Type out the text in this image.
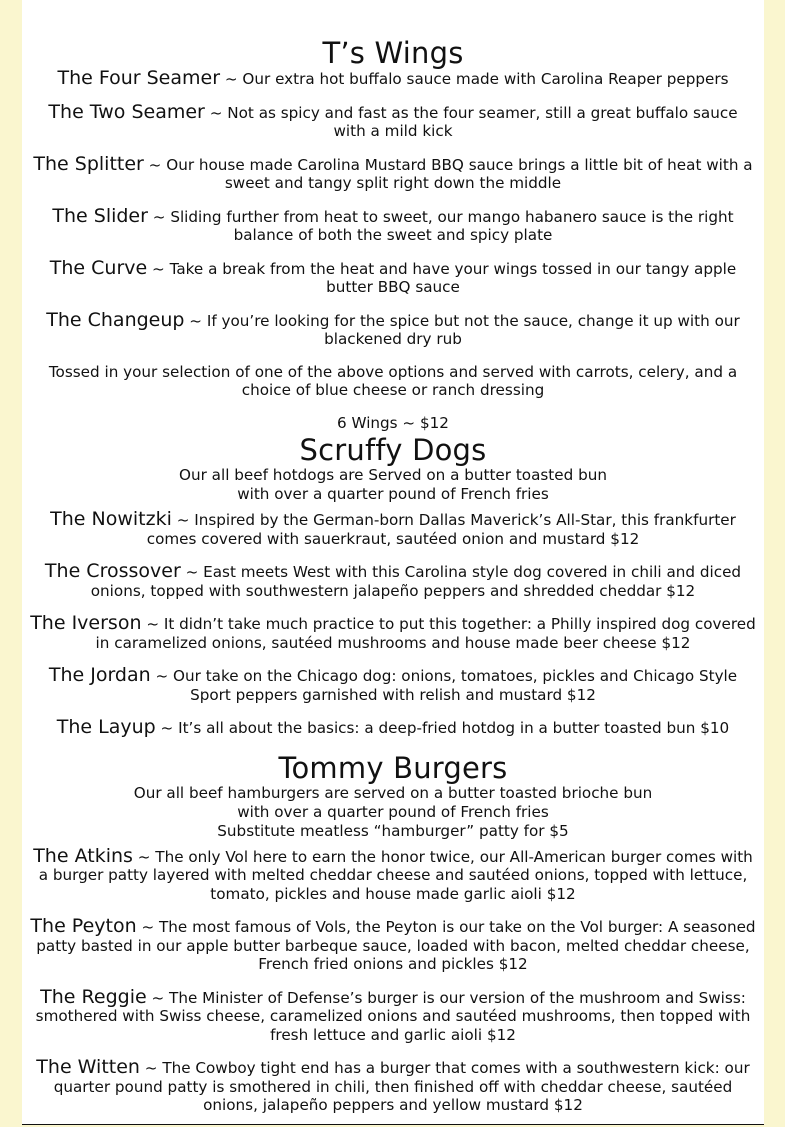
T’s Wings
The Four Seamer ~ Our extra hot buffalo sauce made with Carolina Reaper peppers
The Two Seamer ~ Not as spicy and fast as the four seamer, still a great buffalo sauce with a mild kick
The Splitter ~ Our house made Carolina Mustard BBQ sauce brings a little bit of heat with a sweet and tangy split right down the middle
The Slider ~ Sliding further from heat to sweet, our mango habanero sauce is the right balance of both the sweet and spicy plate
The Curve ~ Take a break from the heat and have your wings tossed in our tangy apple butter BBQ sauce
The Changeup ~ If you’re looking for the spice but not the sauce, change it up with our blackened dry rub
Tossed in your selection of one of the above options and served with carrots, celery, and a choice of blue cheese or ranch dressing
6 Wings ~ $12
Scruffy Dogs
Our all beef hotdogs are Served on a butter toasted bun
with over a quarter pound of French fries
The Nowitzki ~ Inspired by the German-born Dallas Maverick’s All-Star, this frankfurter comes covered with sauerkraut, sautéed onion and mustard $12
The Crossover ~ East meets West with this Carolina style dog covered in chili and diced onions, topped with southwestern jalapeño peppers and shredded cheddar $12
The Iverson ~ It didn’t take much practice to put this together: a Philly inspired dog covered in caramelized onions, sautéed mushrooms and house made beer cheese $12
The Jordan ~ Our take on the Chicago dog: onions, tomatoes, pickles and Chicago Style Sport peppers garnished with relish and mustard $12
The Layup ~ It’s all about the basics: a deep-fried hotdog in a butter toasted bun $10
Tommy Burgers
Our all beef hamburgers are served on a butter toasted brioche bun
with over a quarter pound of French fries
Substitute meatless “hamburger” patty for $5
The Atkins ~ The only Vol here to earn the honor twice, our All-American burger comes with a burger patty layered with melted cheddar cheese and sautéed onions, topped with lettuce, tomato, pickles and house made garlic aioli $12
The Peyton ~ The most famous of Vols, the Peyton is our take on the Vol burger: A seasoned patty basted in our apple butter barbeque sauce, loaded with bacon, melted cheddar cheese, French fried onions and pickles $12
The Reggie ~ The Minister of Defense’s burger is our version of the mushroom and Swiss: smothered with Swiss cheese, caramelized onions and sautéed mushrooms, then topped with fresh lettuce and garlic aioli $12
The Witten ~ The Cowboy tight end has a burger that comes with a southwestern kick: our quarter pound patty is smothered in chili, then finished off with cheddar cheese, sautéed onions, jalapeño peppers and yellow mustard $12
